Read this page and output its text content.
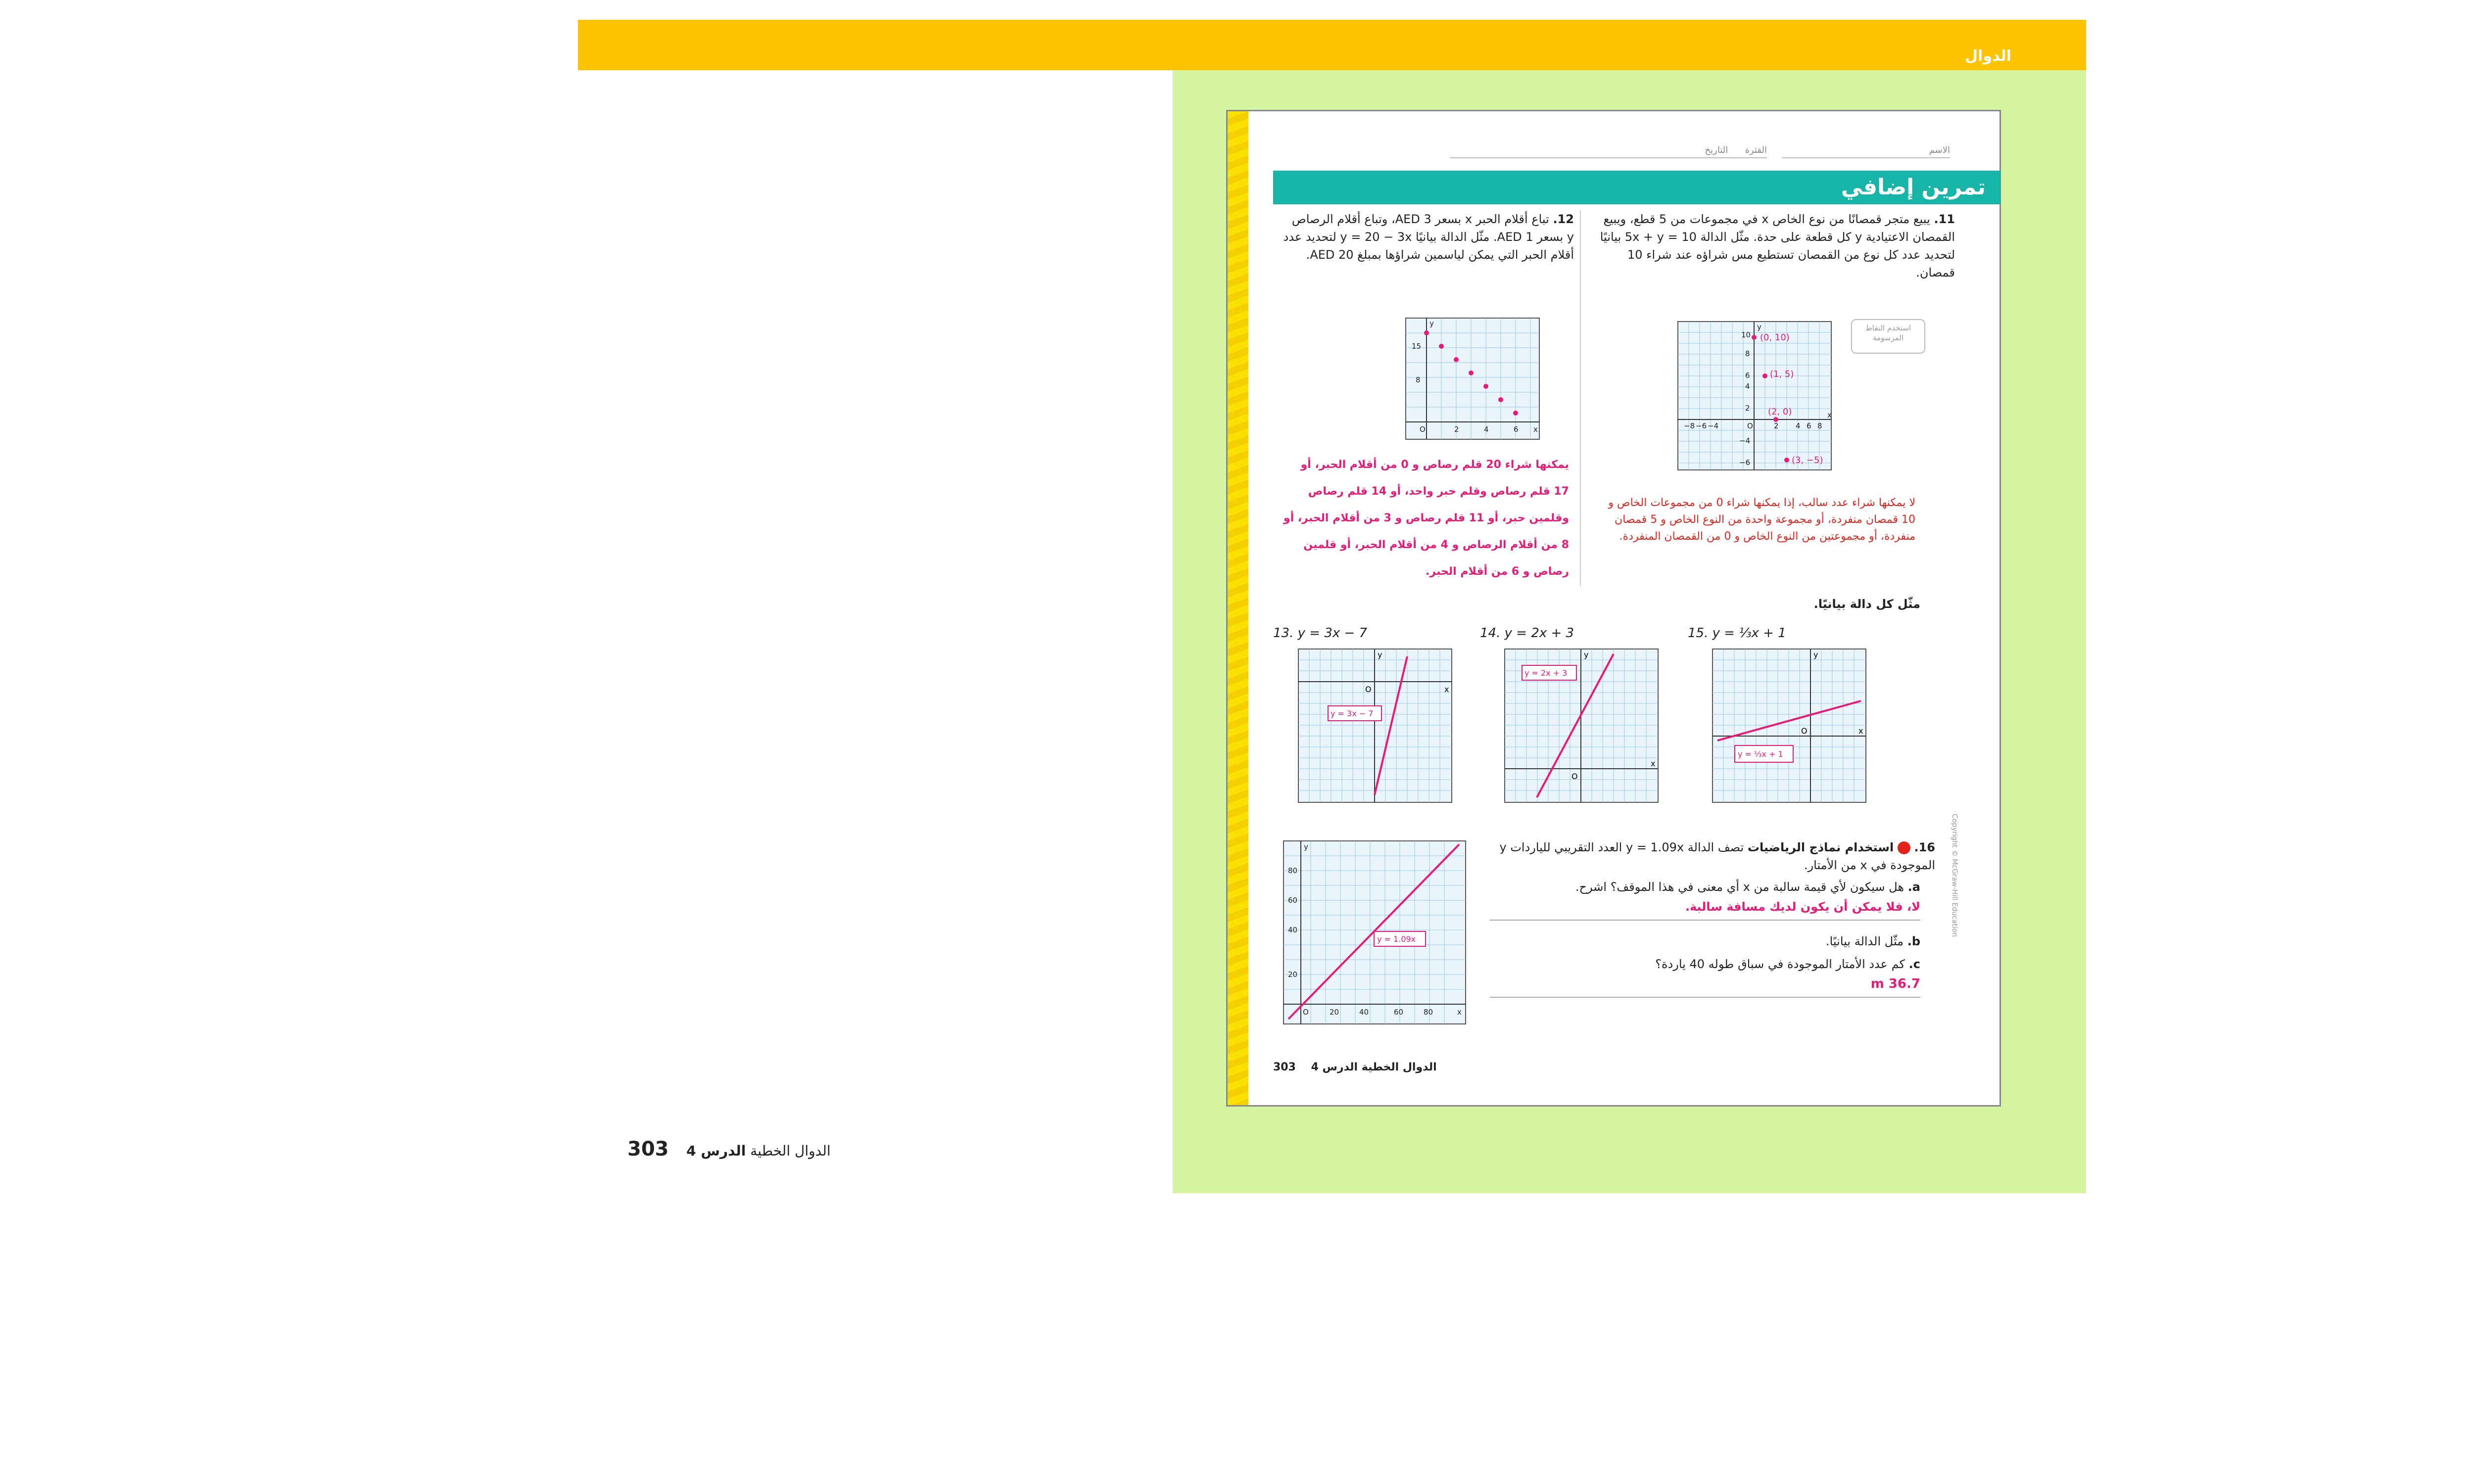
الدوال
303	الدوال الخطية الدرس 4
الاسم
الفترة      التاريخ
تمرين إضافي
11. يبيع متجر قمصانًا من نوع الخاص x في مجموعات من 5 قطع، ويبيع القمصان الاعتيادية y كل قطعة على حدة. مثّل الدالة 5x + y = 10 بيانيًا لتحديد عدد كل نوع من القمصان تستطيع مس شراؤه عند شراء 10 قمصان.
(0, 10)
(1, 5)
(2, 0)
(3, −5)
−8 −6 −4	O	2 4 6 8
x
y
10
8
6
4
2
−4
−6
استخدم النقاط المرسومة
لا يمكنها شراء عدد سالب، إذا يمكنها شراء 0 من مجموعات الخاص و 10 قمصان منفردة، أو مجموعة واحدة من النوع الخاص و 5 قمصان منفردة، أو مجموعتين من النوع الخاص و 0 من القمصان المنفردة.
12. تباع أقلام الحبر x بسعر AED 3، وتباع أقلام الرصاص y بسعر AED 1. مثّل الدالة بيانيًا y = 20 − 3x لتحديد عدد أقلام الحبر التي يمكن لياسمين شراؤها بمبلغ AED 20.
O	2	4	6 x
y
15
8
يمكنها شراء 20 قلم رصاص و 0 من أقلام الحبر، أو 17 قلم رصاص وقلم حبر واحد، أو 14 قلم رصاص وقلمين حبر، أو 11 قلم رصاص و 3 من أقلام الحبر، أو 8 من أقلام الرصاص و 4 من أقلام الحبر، أو قلمين رصاص و 6 من أقلام الحبر.
مثّل كل دالة بيانيًا.
13. y = 3x − 7
O	x
y
y = 3x − 7
14. y = 2x + 3
O
x
y
y = 2x + 3
15. y = ⅓x + 1
O	x
y
y = ⅓x + 1
O	20	40	60	80	x
y
80
60
40
20
y = 1.09x
16.  استخدام نماذج الرياضيات تصف الدالة y = 1.09x العدد التقريبي للياردات y الموجودة في x من الأمتار.
a. هل سيكون لأي قيمة سالبة من x أي معنى في هذا الموقف؟ اشرح.
لا، فلا يمكن أن يكون لديك مسافة سالبة.
b. مثّل الدالة بيانيًا.
c. كم عدد الأمتار الموجودة في سباق طوله 40 ياردة؟
36.7 m
Copyright © McGraw-Hill Education
الدوال الخطية الدرس 4    303
